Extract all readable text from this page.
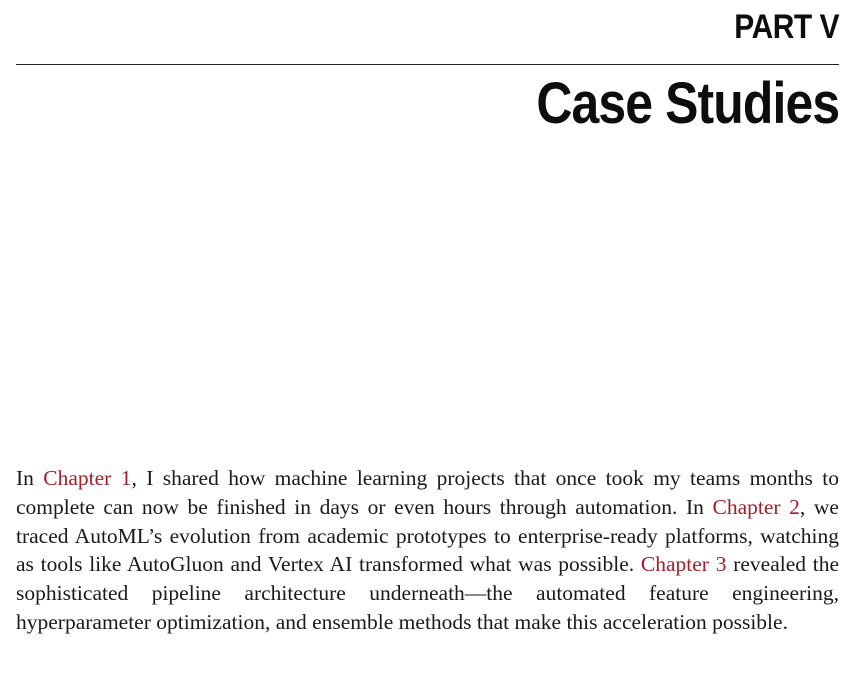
PART V
Case Studies

In Chapter 1, I shared how machine learning projects that once took my teams months to complete can now be finished in days or even hours through automation. In Chapter 2, we traced AutoML’s evolution from academic prototypes to enterprise-ready platforms, watching as tools like AutoGluon and Vertex AI transformed what was possible. Chapter 3 revealed the sophisticated pipeline architecture underneath—the automated feature engineering, hyperparameter optimization, and ensemble methods that make this acceleration possible.
